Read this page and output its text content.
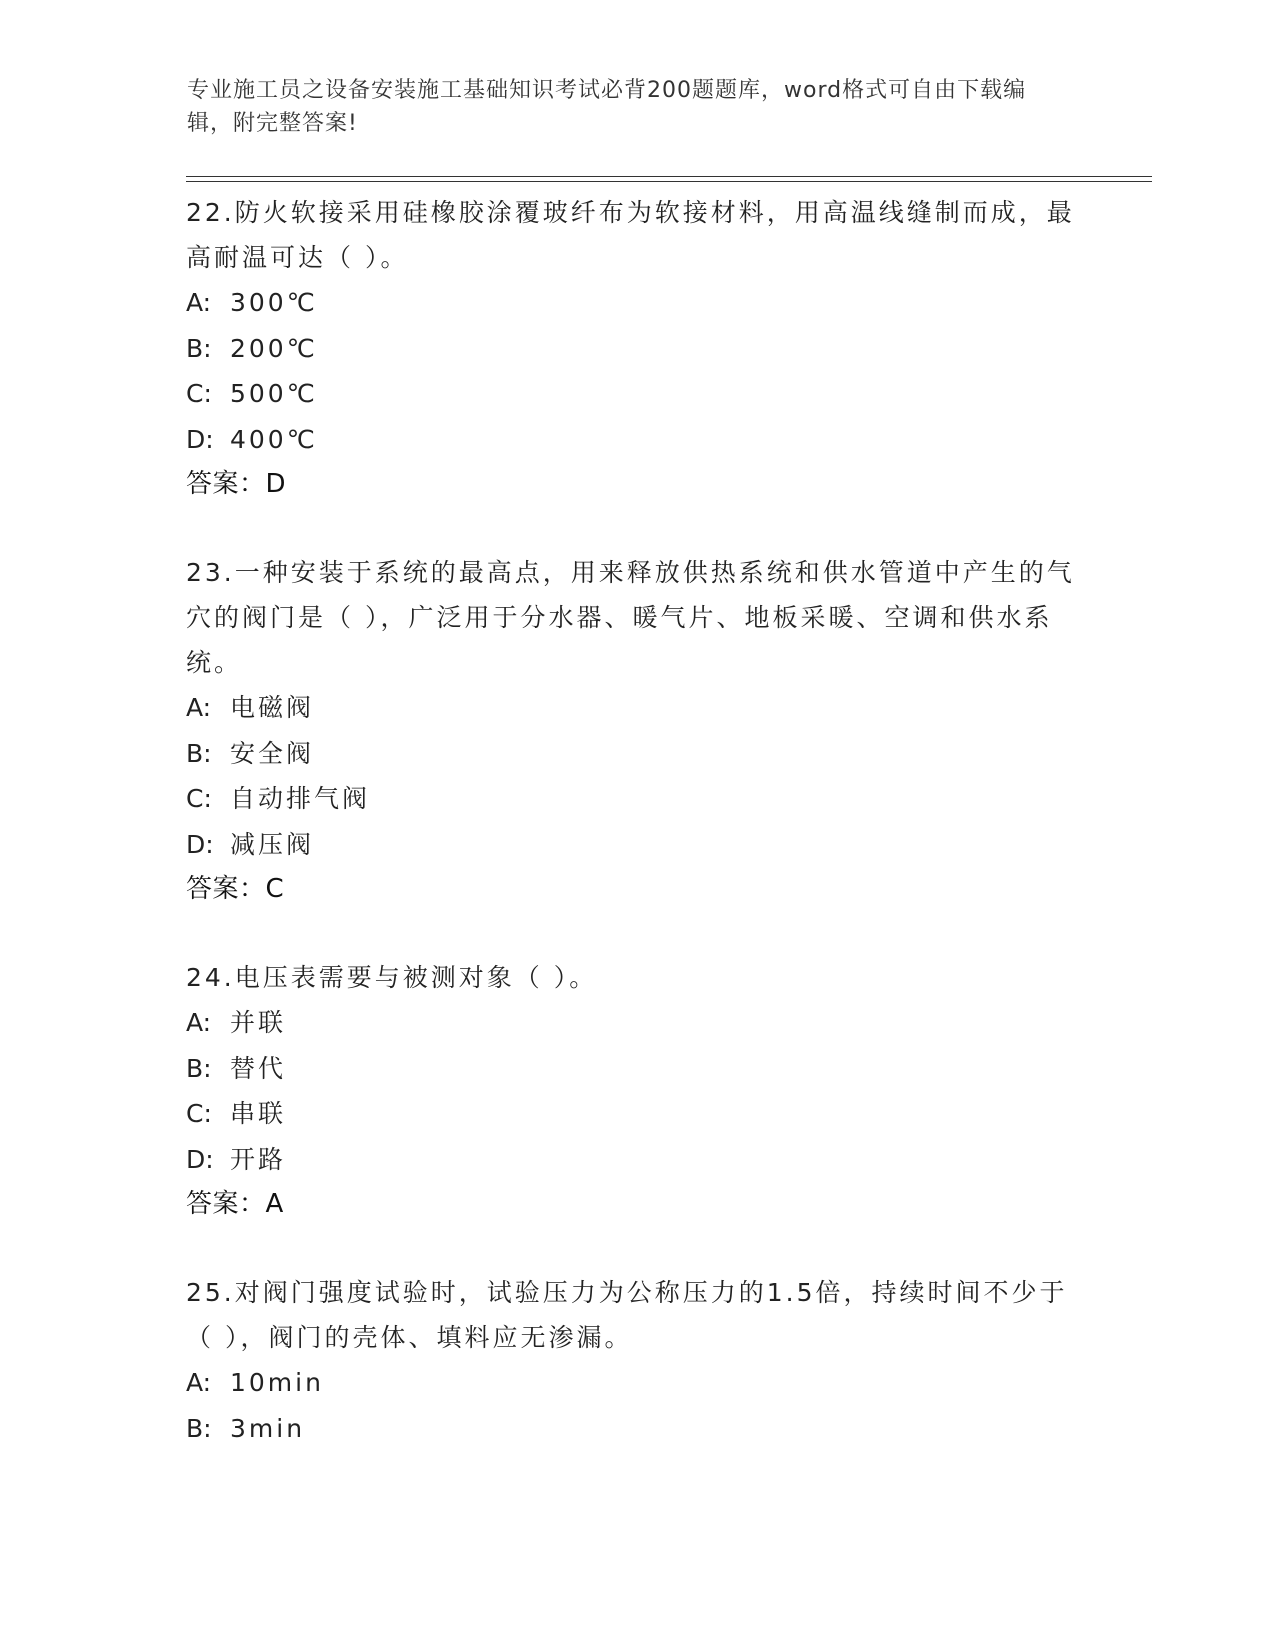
专业施工员之设备安装施工基础知识考试必背200题题库，word格式可自由下载编辑，附完整答案!

22.防火软接采用硅橡胶涂覆玻纤布为软接材料，用高温线缝制而成，最高耐温可达（ ）。

A: 300℃

B: 200℃

C: 500℃

D: 400℃

答案：D

23.一种安装于系统的最高点，用来释放供热系统和供水管道中产生的气穴的阀门是（ ），广泛用于分水器、暖气片、地板采暖、空调和供水系统。

A: 电磁阀

B: 安全阀

C: 自动排气阀

D: 减压阀

答案：C

24.电压表需要与被测对象（ ）。

A: 并联

B: 替代

C: 串联

D: 开路

答案：A

25.对阀门强度试验时，试验压力为公称压力的1.5倍，持续时间不少于（ ），阀门的壳体、填料应无渗漏。

A: 10min

B: 3min
